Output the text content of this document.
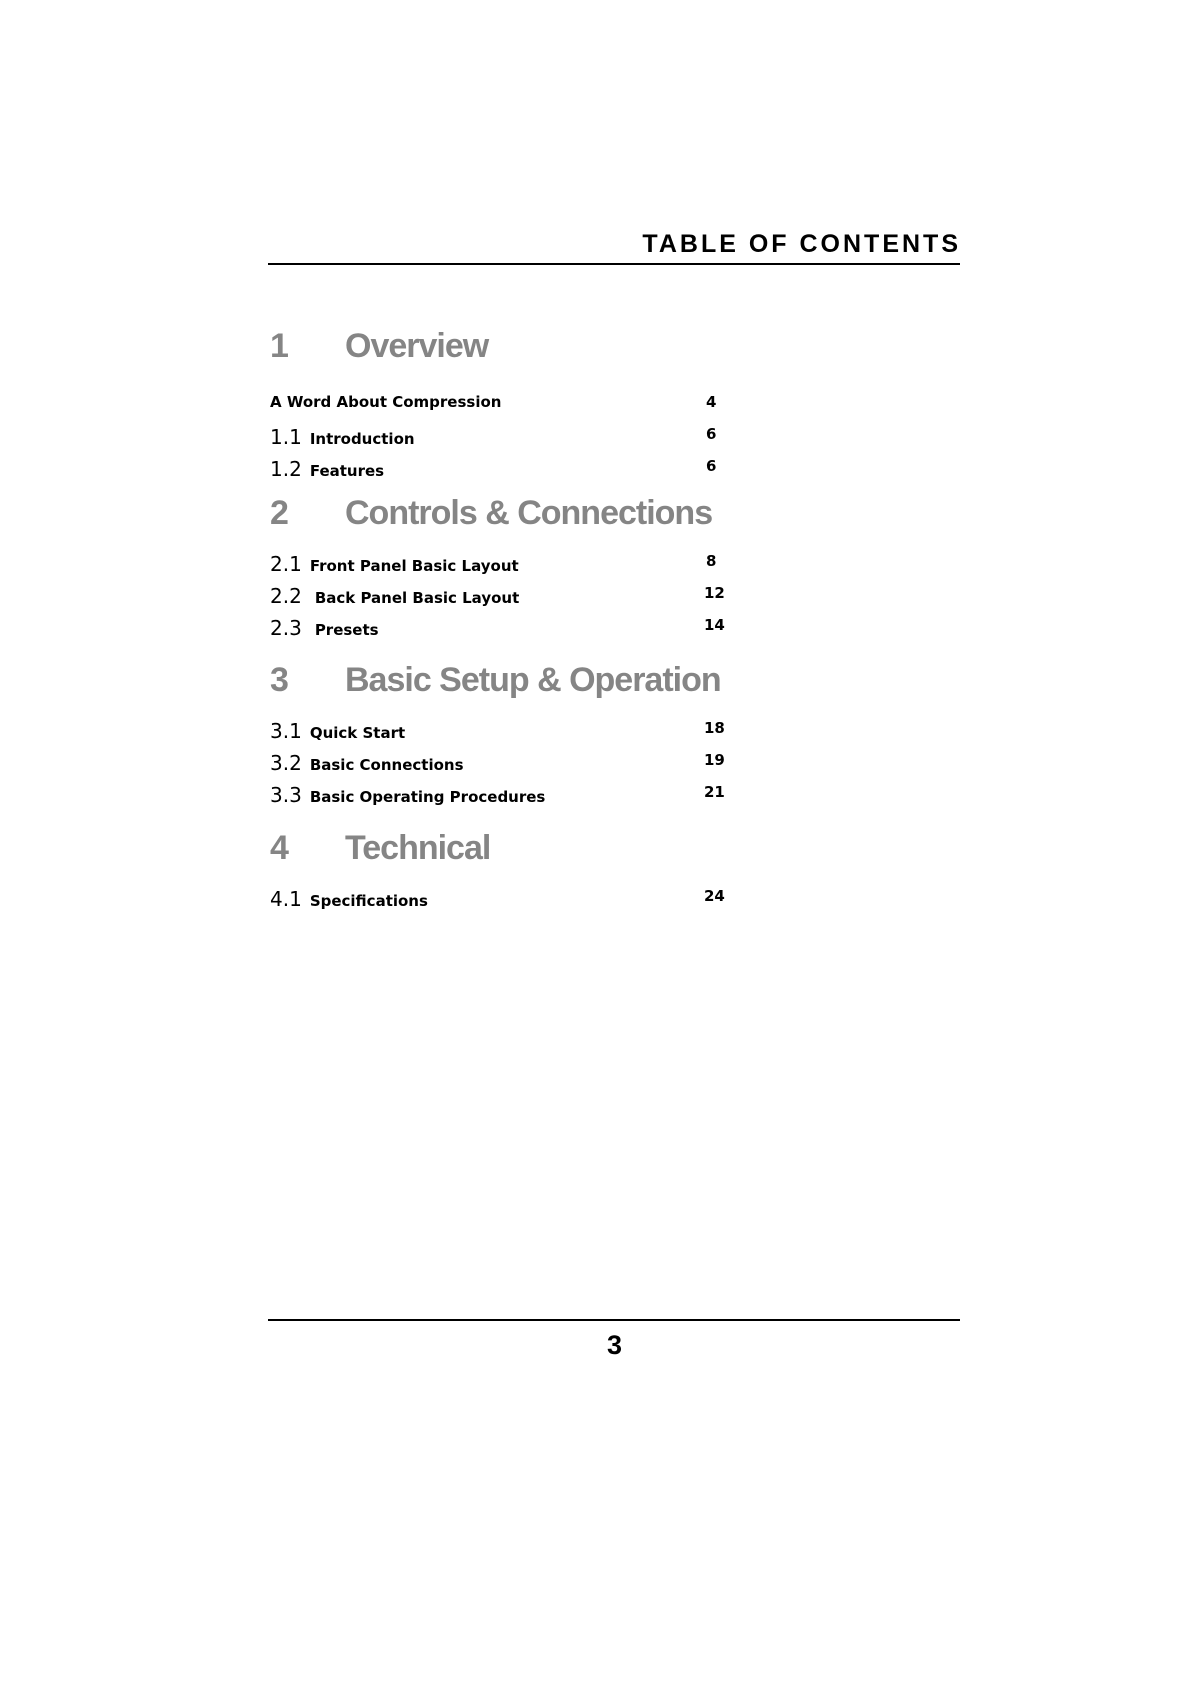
TABLE OF CONTENTS
1	Overview
A Word About Compression	4
1.1 Introduction	6
1.2 Features	6
2	Controls & Connections
2.1 Front Panel Basic Layout	8
2.2 Back Panel Basic Layout	12
2.3 Presets	14
3	Basic Setup & Operation
3.1 Quick Start	18
3.2 Basic Connections	19
3.3 Basic Operating Procedures	21
4	Technical
4.1 Specifications	24
3
